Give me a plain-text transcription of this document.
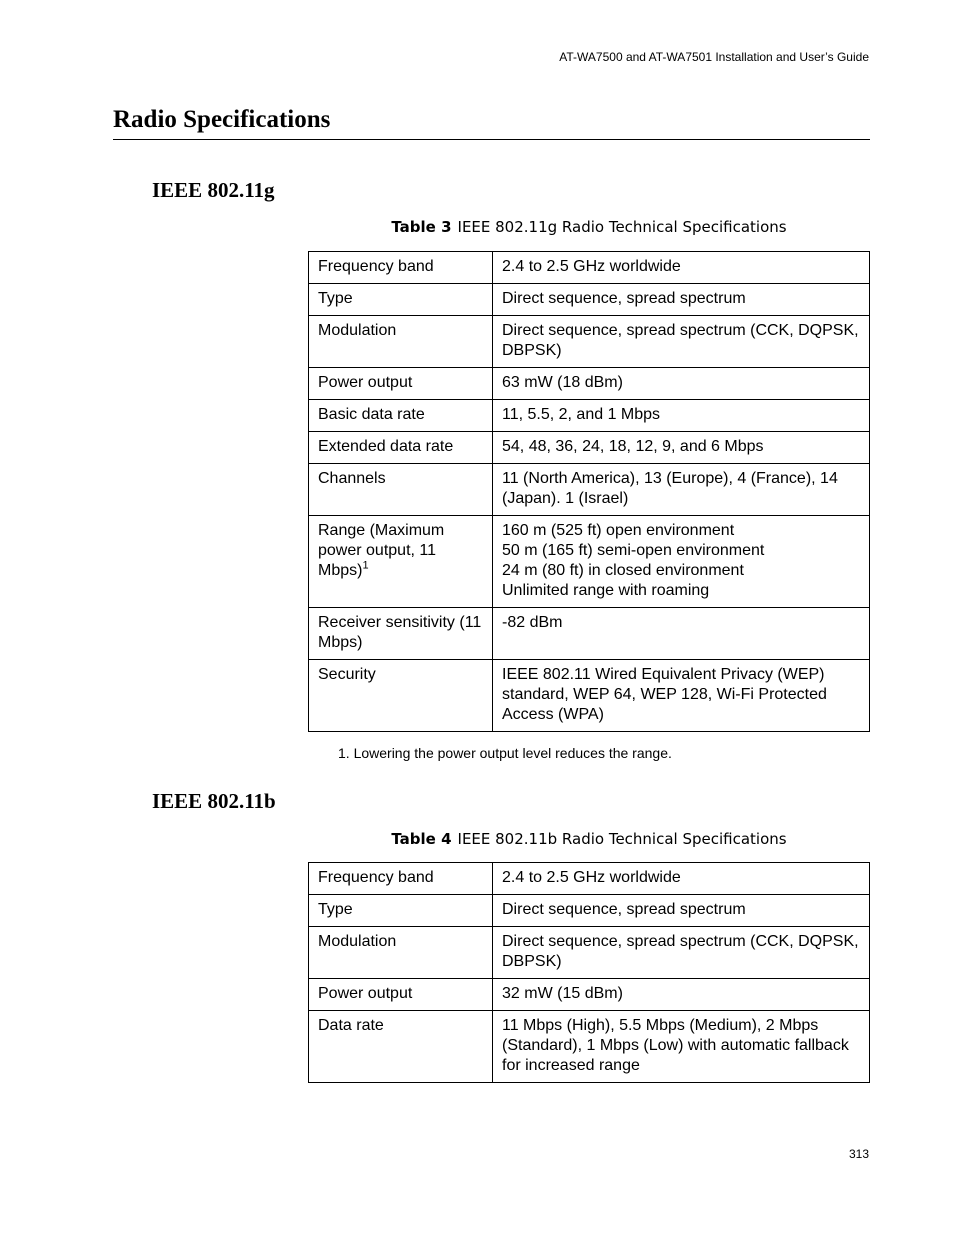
AT-WA7500 and AT-WA7501 Installation and User’s Guide
Radio Specifications
IEEE 802.11g
Table 3 IEEE 802.11g Radio Technical Specifications
Frequency band	2.4 to 2.5 GHz worldwide
Type	Direct sequence, spread spectrum
Modulation	Direct sequence, spread spectrum (CCK, DQPSK, DBPSK)
Power output	63 mW (18 dBm)
Basic data rate	11, 5.5, 2, and 1 Mbps
Extended data rate	54, 48, 36, 24, 18, 12, 9, and 6 Mbps
Channels	11 (North America), 13 (Europe), 4 (France), 14 (Japan). 1 (Israel)
Range (Maximum power output, 11 Mbps)$^1$	160 m (525 ft) open environment
50 m (165 ft) semi-open environment
24 m (80 ft) in closed environment
Unlimited range with roaming

Receiver sensitivity (11 Mbps)	-82 dBm
Security	IEEE 802.11 Wired Equivalent Privacy (WEP) standard, WEP 64, WEP 128, Wi-Fi Protected Access (WPA)
1. Lowering the power output level reduces the range.
IEEE 802.11b
Table 4 IEEE 802.11b Radio Technical Specifications
Frequency band	2.4 to 2.5 GHz worldwide
Type	Direct sequence, spread spectrum
Modulation	Direct sequence, spread spectrum (CCK, DQPSK, DBPSK)
Power output	32 mW (15 dBm)
Data rate	11 Mbps (High), 5.5 Mbps (Medium), 2 Mbps (Standard), 1 Mbps (Low) with automatic fallback for increased range
313
